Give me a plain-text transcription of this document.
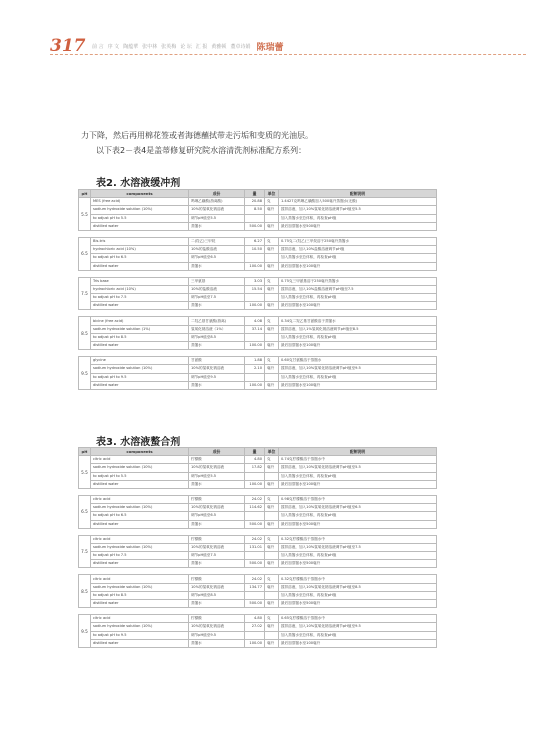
317 前 言 序 文 陶蕴華 张中林 张英梅 论 坛 汇 报 黄雅顿 董卓诗娟 陈瑞蕾
力下降，然后再用棉花签或者海德蘸拭带走污垢和变质的光油层。
以下表2－表4是盖蒂修复研究院水溶清洗剂标准配方系列：
表2. 水溶液缓冲剂
pH	components	成份	量	单位	配制说明
5.5	MES (free acid)	吗啉乙磺酸(游离酸)	20.88	克	1.4427克吗啉乙磺酸加入500毫升蒸馏水(无酸)
	sodium hydroxide solution (10%)	10%的氢氧化钠溶液	8.50	毫升	搅拌溶液，加入10%氢氧化钠溶液调节pH值至5.5
	to adjust pH to 5.5	调节pH值至5.5			加入蒸馏水至总体积，再检查pH值
	distilled water	蒸馏水	500.00	毫升	最后加蒸馏水至500毫升

6.5	Bis-tris	二(羟乙)三甲烷	6.27	克	0.75克二(羟乙)三甲烷溶于250毫升蒸馏水
	hydrochloric acid (10%)	10%的盐酸溶液	10.50	毫升	搅拌溶液，加入10%盐酸溶液调节pH值
	to adjust pH to 6.5	调节pH值至6.5			加入蒸馏水至总体积，再检查pH值
	distilled water	蒸馏水	100.00	毫升	最后加蒸馏水至100毫升

7.5	Tris base	三甲氨基	3.03	克	0.75克三甲氨基溶于250毫升蒸馏水
	hydrochloric acid (10%)	10%的盐酸溶液	15.54	毫升	搅拌溶液，加入10%盐酸溶液调节pH值至7.5
	to adjust pH to 7.5	调节pH值至7.5			加入蒸馏水至总体积，再检查pH值
	distilled water	蒸馏水	100.00	毫升	最后加蒸馏水至100毫升

8.5	bicine (free acid)	二羟乙基甘氨酸(游离)	4.08	克	0.34克二羟乙基甘氨酸溶于蒸馏水
	sodium hydroxide solution (1%)	氢氧化钠溶液（1%）	37.14	毫升	搅拌溶液，加入1%氢氧化钠溶液调节pH值至8.5
	to adjust pH to 8.5	调节pH值至8.5			加入蒸馏水至总体积，再检查pH值
	distilled water	蒸馏水	100.00	毫升	最后加蒸馏水至100毫升

9.5	glycine	甘氨酸	1.88	克	0.60克甘氨酸溶于蒸馏水
	sodium hydroxide solution (10%)	10%的氢氧化钠溶液	2.10	毫升	搅拌溶液，加入10%氢氧化钠溶液调节pH值至9.5
	to adjust pH to 9.5	调节pH值至9.5			加入蒸馏水至总体积，再检查pH值
	distilled water	蒸馏水	100.00	毫升	最后加蒸馏水至100毫升
表3. 水溶液螯合剂
pH	components	成份	量	单位	配制说明
5.5	citric acid	柠檬酸	4.80	克	0.74克柠檬酸溶于蒸馏水中
	sodium hydroxide solution (10%)	10%的氢氧化钠溶液	17.82	毫升	搅拌溶液，加入10%氢氧化钠溶液调节pH值至5.5
	to adjust pH to 5.5	调节pH值至5.5			加入蒸馏水至总体积，再检查pH值
	distilled water	蒸馏水	100.00	毫升	最后加蒸馏水至100毫升

6.5	citric acid	柠檬酸	24.02	克	0.98克柠檬酸溶于蒸馏水中
	sodium hydroxide solution (10%)	10%的氢氧化钠溶液	114.62	毫升	搅拌溶液，加入10%氢氧化钠溶液调节pH值至6.5
	to adjust pH to 6.5	调节pH值至6.5			加入蒸馏水至总体积，再检查pH值
	distilled water	蒸馏水	500.00	毫升	最后加蒸馏水至500毫升

7.5	citric acid	柠檬酸	24.02	克	0.32克柠檬酸溶于蒸馏水中
	sodium hydroxide solution (10%)	10%的氢氧化钠溶液	131.01	毫升	搅拌溶液，加入10%氢氧化钠溶液调节pH值至7.5
	to adjust pH to 7.5	调节pH值至7.5			加入蒸馏水至总体积，再检查pH值
	distilled water	蒸馏水	500.00	毫升	最后加蒸馏水至500毫升

8.5	citric acid	柠檬酸	24.02	克	0.32克柠檬酸溶于蒸馏水中
	sodium hydroxide solution (10%)	10%的氢氧化钠溶液	134.77	毫升	搅拌溶液，加入10%氢氧化钠溶液调节pH值至8.5
	to adjust pH to 8.5	调节pH值至8.5			加入蒸馏水至总体积，再检查pH值
	distilled water	蒸馏水	500.00	毫升	最后加蒸馏水至500毫升

9.5	citric acid	柠檬酸	4.80	克	0.65克柠檬酸溶于蒸馏水中
	sodium hydroxide solution (10%)	10%的氢氧化钠溶液	27.02	毫升	搅拌溶液，加入10%氢氧化钠溶液调节pH值至9.5
	to adjust pH to 9.5	调节pH值至9.5			加入蒸馏水至总体积，再检查pH值
	distilled water	蒸馏水	100.00	毫升	最后加蒸馏水至100毫升
